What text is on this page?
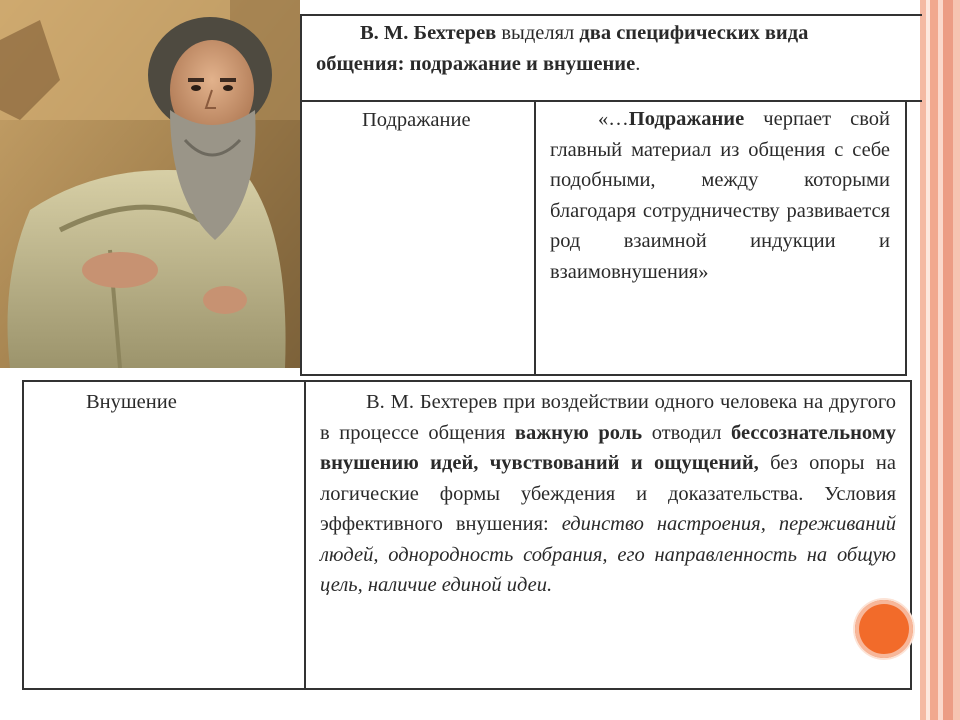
В. М. Бехтерев выделял два специфических вида общения: подражание и внушение.
Подражание	«…Подражание черпает свой главный материал из общения с себе подобными, между которыми благодаря сотрудничеству развивается род взаимной индукции и взаимовнушения»
Внушение	В. М. Бехтерев при воздействии одного человека на другого в процессе общения важную роль отводил бессознательному внушению идей, чувствований и ощущений, без опоры на логические формы убеждения и доказательства. Условия эффективного внушения: единство настроения, переживаний людей, однородность собрания, его направленность на общую цель, наличие единой идеи.
